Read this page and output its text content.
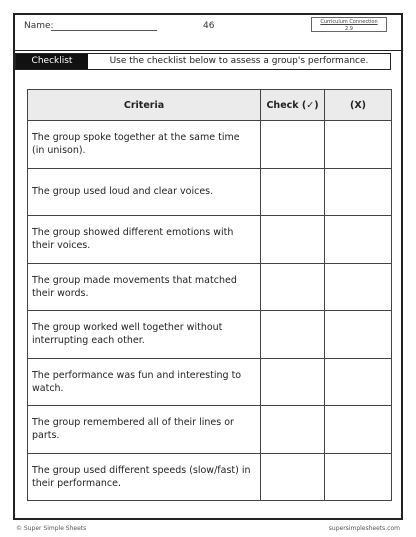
Name:	46	Curriculum Connection
2.9
Checklist	Use the checklist below to assess a group's performance.
Criteria	Check (✓)	(X)
The group spoke together at the same time (in unison).		
The group used loud and clear voices.		
The group showed different emotions with their voices.		
The group made movements that matched their words.		
The group worked well together without interrupting each other.		
The performance was fun and interesting to watch.		
The group remembered all of their lines or parts.		
The group used different speeds (slow/fast) in their performance.		
© Super Simple Sheets	supersimplesheets.com
